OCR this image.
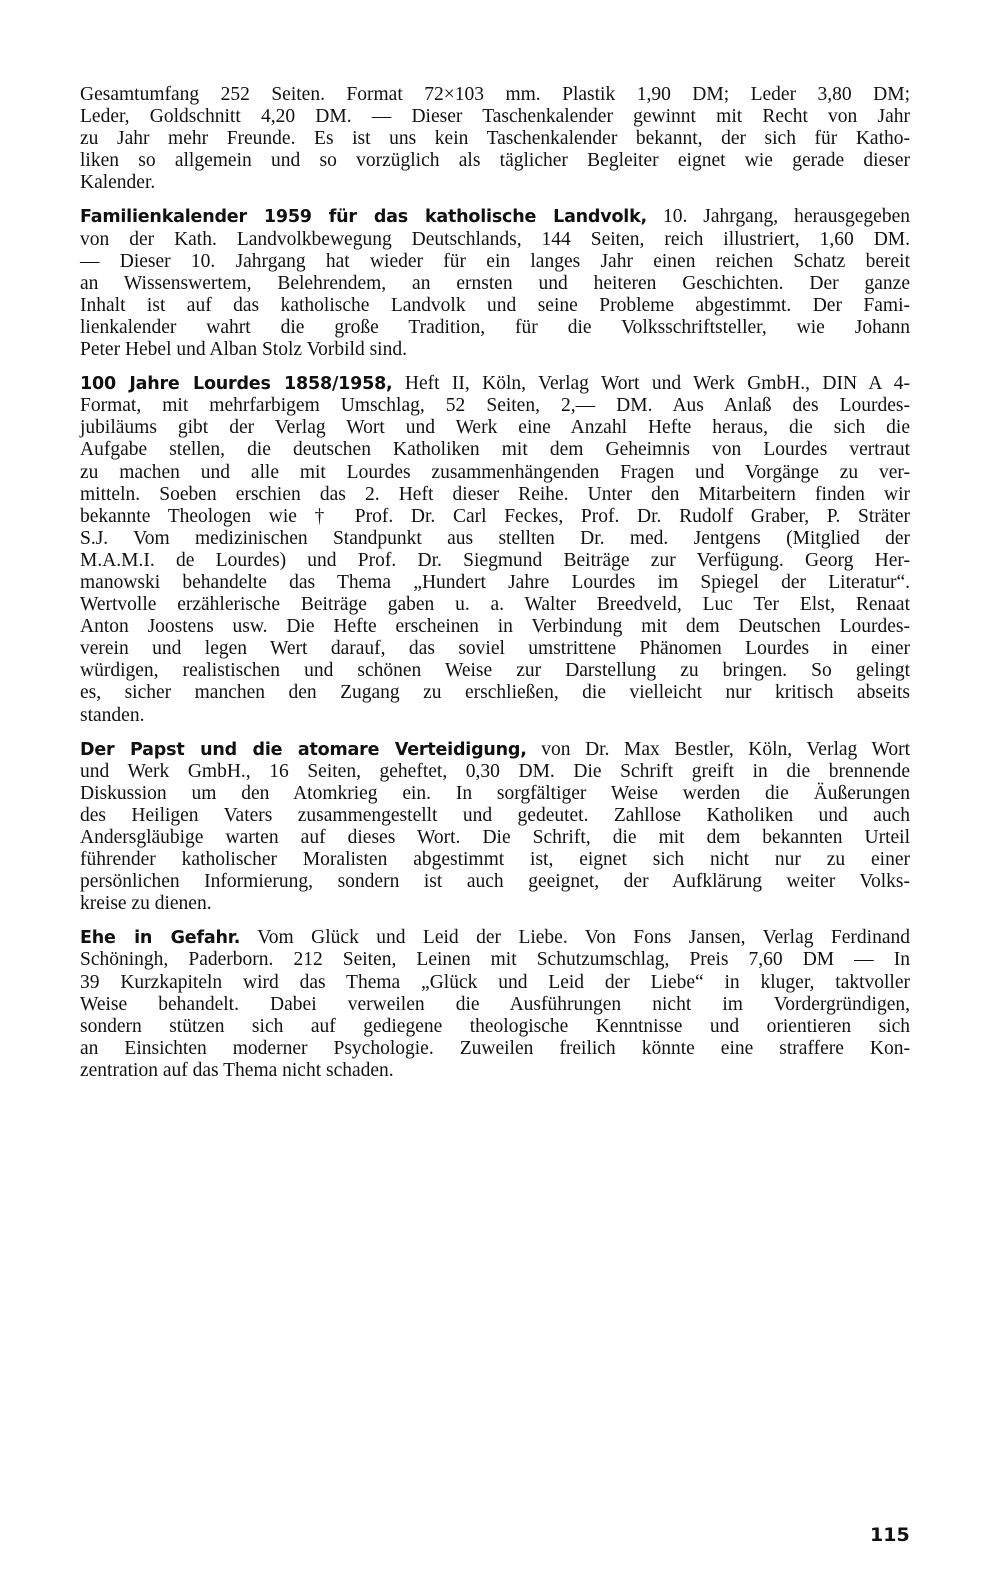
Gesamtumfang 252 Seiten. Format 72×103 mm. Plastik 1,90 DM; Leder 3,80 DM;
Leder, Goldschnitt 4,20 DM. — Dieser Taschenkalender gewinnt mit Recht von Jahr
zu Jahr mehr Freunde. Es ist uns kein Taschenkalender bekannt, der sich für Katho-
liken so allgemein und so vorzüglich als täglicher Begleiter eignet wie gerade dieser
Kalender.
Familienkalender 1959 für das katholische Landvolk, 10. Jahrgang, herausgegeben
von der Kath. Landvolkbewegung Deutschlands, 144 Seiten, reich illustriert, 1,60 DM.
— Dieser 10. Jahrgang hat wieder für ein langes Jahr einen reichen Schatz bereit
an Wissenswertem, Belehrendem, an ernsten und heiteren Geschichten. Der ganze
Inhalt ist auf das katholische Landvolk und seine Probleme abgestimmt. Der Fami-
lienkalender wahrt die große Tradition, für die Volksschriftsteller, wie Johann
Peter Hebel und Alban Stolz Vorbild sind.
100 Jahre Lourdes 1858/1958, Heft II, Köln, Verlag Wort und Werk GmbH., DIN A 4-
Format, mit mehrfarbigem Umschlag, 52 Seiten, 2,— DM. Aus Anlaß des Lourdes-
jubiläums gibt der Verlag Wort und Werk eine Anzahl Hefte heraus, die sich die
Aufgabe stellen, die deutschen Katholiken mit dem Geheimnis von Lourdes vertraut
zu machen und alle mit Lourdes zusammenhängenden Fragen und Vorgänge zu ver-
mitteln. Soeben erschien das 2. Heft dieser Reihe. Unter den Mitarbeitern finden wir
bekannte Theologen wie † Prof. Dr. Carl Feckes, Prof. Dr. Rudolf Graber, P. Sträter
S.J. Vom medizinischen Standpunkt aus stellten Dr. med. Jentgens (Mitglied der
M.A.M.I. de Lourdes) und Prof. Dr. Siegmund Beiträge zur Verfügung. Georg Her-
manowski behandelte das Thema „Hundert Jahre Lourdes im Spiegel der Literatur“.
Wertvolle erzählerische Beiträge gaben u. a. Walter Breedveld, Luc Ter Elst, Renaat
Anton Joostens usw. Die Hefte erscheinen in Verbindung mit dem Deutschen Lourdes-
verein und legen Wert darauf, das soviel umstrittene Phänomen Lourdes in einer
würdigen, realistischen und schönen Weise zur Darstellung zu bringen. So gelingt
es, sicher manchen den Zugang zu erschließen, die vielleicht nur kritisch abseits
standen.
Der Papst und die atomare Verteidigung, von Dr. Max Bestler, Köln, Verlag Wort
und Werk GmbH., 16 Seiten, geheftet, 0,30 DM. Die Schrift greift in die brennende
Diskussion um den Atomkrieg ein. In sorgfältiger Weise werden die Äußerungen
des Heiligen Vaters zusammengestellt und gedeutet. Zahllose Katholiken und auch
Andersgläubige warten auf dieses Wort. Die Schrift, die mit dem bekannten Urteil
führender katholischer Moralisten abgestimmt ist, eignet sich nicht nur zu einer
persönlichen Informierung, sondern ist auch geeignet, der Aufklärung weiter Volks-
kreise zu dienen.
Ehe in Gefahr. Vom Glück und Leid der Liebe. Von Fons Jansen, Verlag Ferdinand
Schöningh, Paderborn. 212 Seiten, Leinen mit Schutzumschlag, Preis 7,60 DM — In
39 Kurzkapiteln wird das Thema „Glück und Leid der Liebe“ in kluger, taktvoller
Weise behandelt. Dabei verweilen die Ausführungen nicht im Vordergründigen,
sondern stützen sich auf gediegene theologische Kenntnisse und orientieren sich
an Einsichten moderner Psychologie. Zuweilen freilich könnte eine straffere Kon-
zentration auf das Thema nicht schaden.
115
